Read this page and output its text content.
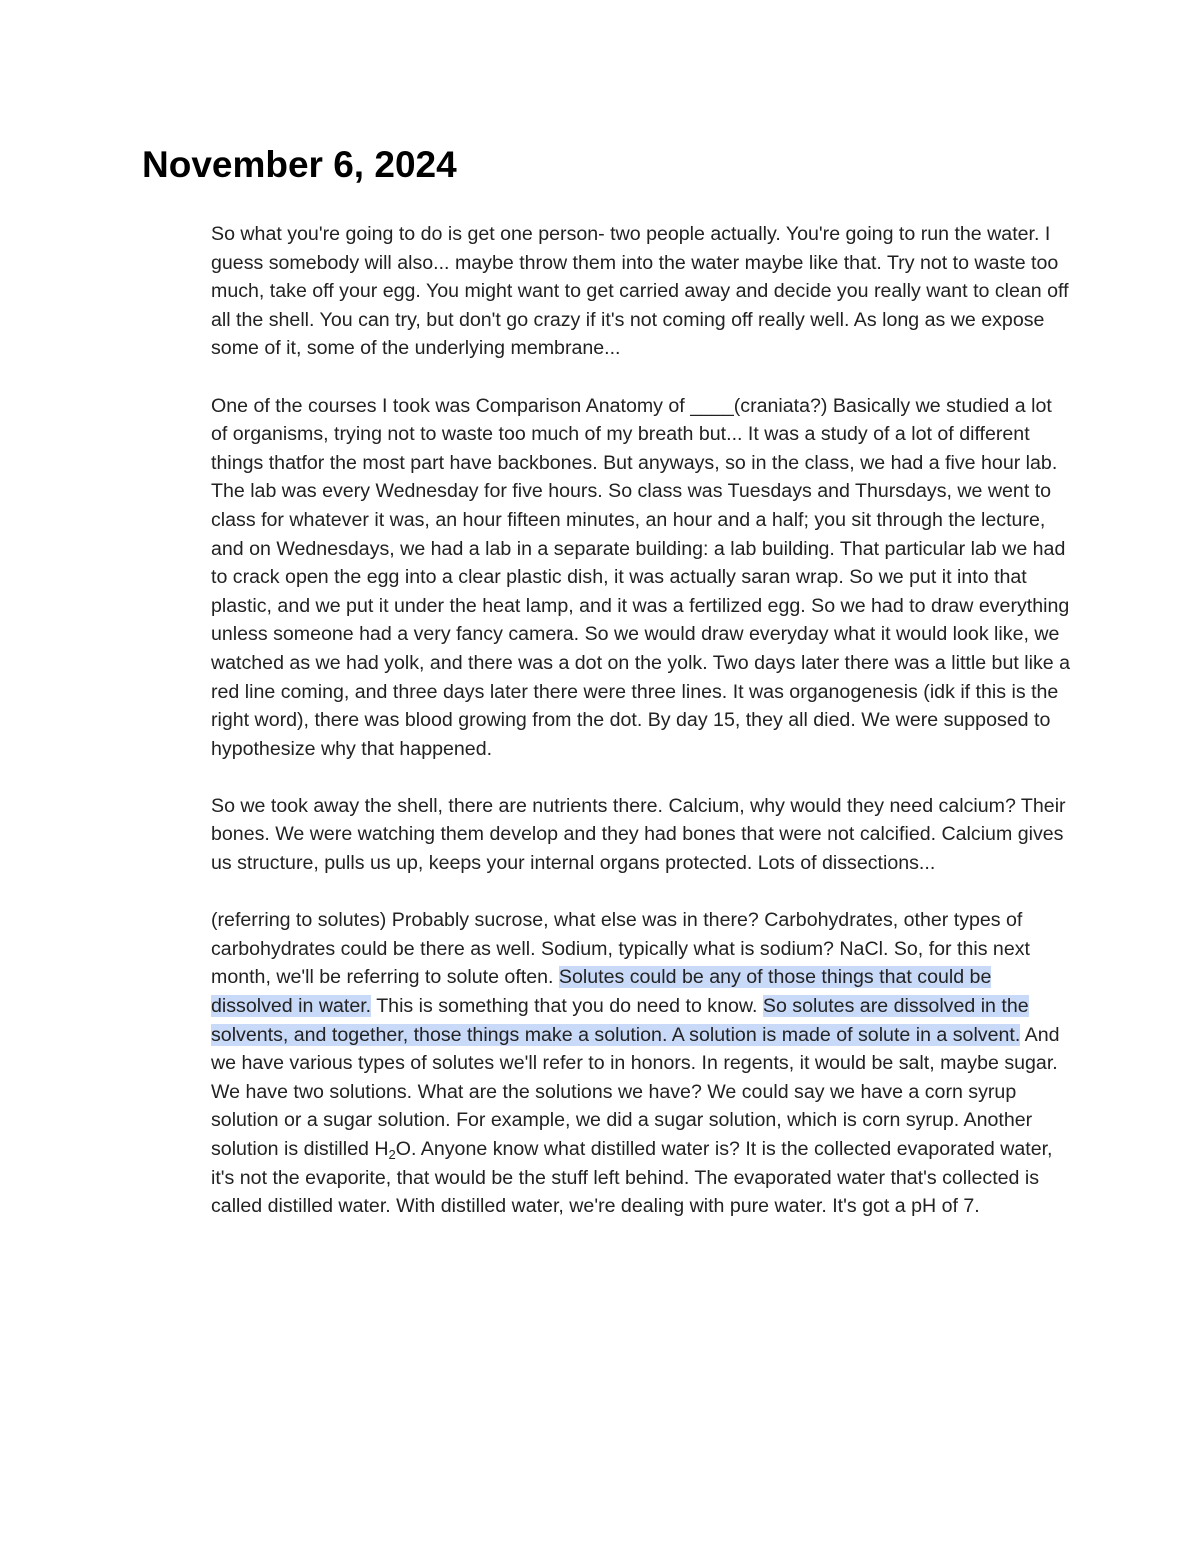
November 6, 2024

So what you're going to do is get one person- two people actually. You're going to run the water. I guess somebody will also... maybe throw them into the water maybe like that. Try not to waste too much, take off your egg. You might want to get carried away and decide you really want to clean off all the shell. You can try, but don't go crazy if it's not coming off really well. As long as we expose some of it, some of the underlying membrane...

One of the courses I took was Comparison Anatomy of ____(craniata?) Basically we studied a lot of organisms, trying not to waste too much of my breath but... It was a study of a lot of different things thatfor the most part have backbones. But anyways, so in the class, we had a five hour lab. The lab was every Wednesday for five hours. So class was Tuesdays and Thursdays, we went to class for whatever it was, an hour fifteen minutes, an hour and a half; you sit through the lecture, and on Wednesdays, we had a lab in a separate building: a lab building. That particular lab we had to crack open the egg into a clear plastic dish, it was actually saran wrap. So we put it into that plastic, and we put it under the heat lamp, and it was a fertilized egg. So we had to draw everything unless someone had a very fancy camera. So we would draw everyday what it would look like, we watched as we had yolk, and there was a dot on the yolk. Two days later there was a little but like a red line coming, and three days later there were three lines. It was organogenesis (idk if this is the right word), there was blood growing from the dot. By day 15, they all died. We were supposed to hypothesize why that happened.

So we took away the shell, there are nutrients there. Calcium, why would they need calcium? Their bones. We were watching them develop and they had bones that were not calcified. Calcium gives us structure, pulls us up, keeps your internal organs protected. Lots of dissections...

(referring to solutes) Probably sucrose, what else was in there? Carbohydrates, other types of carbohydrates could be there as well. Sodium, typically what is sodium? NaCl. So, for this next month, we'll be referring to solute often. Solutes could be any of those things that could be dissolved in water. This is something that you do need to know. So solutes are dissolved in the solvents, and together, those things make a solution. A solution is made of solute in a solvent. And we have various types of solutes we'll refer to in honors. In regents, it would be salt, maybe sugar. We have two solutions. What are the solutions we have? We could say we have a corn syrup solution or a sugar solution. For example, we did a sugar solution, which is corn syrup. Another solution is distilled $H_2O$. Anyone know what distilled water is? It is the collected evaporated water, it's not the evaporite, that would be the stuff left behind. The evaporated water that's collected is called distilled water. With distilled water, we're dealing with pure water. It's got a pH of 7.
